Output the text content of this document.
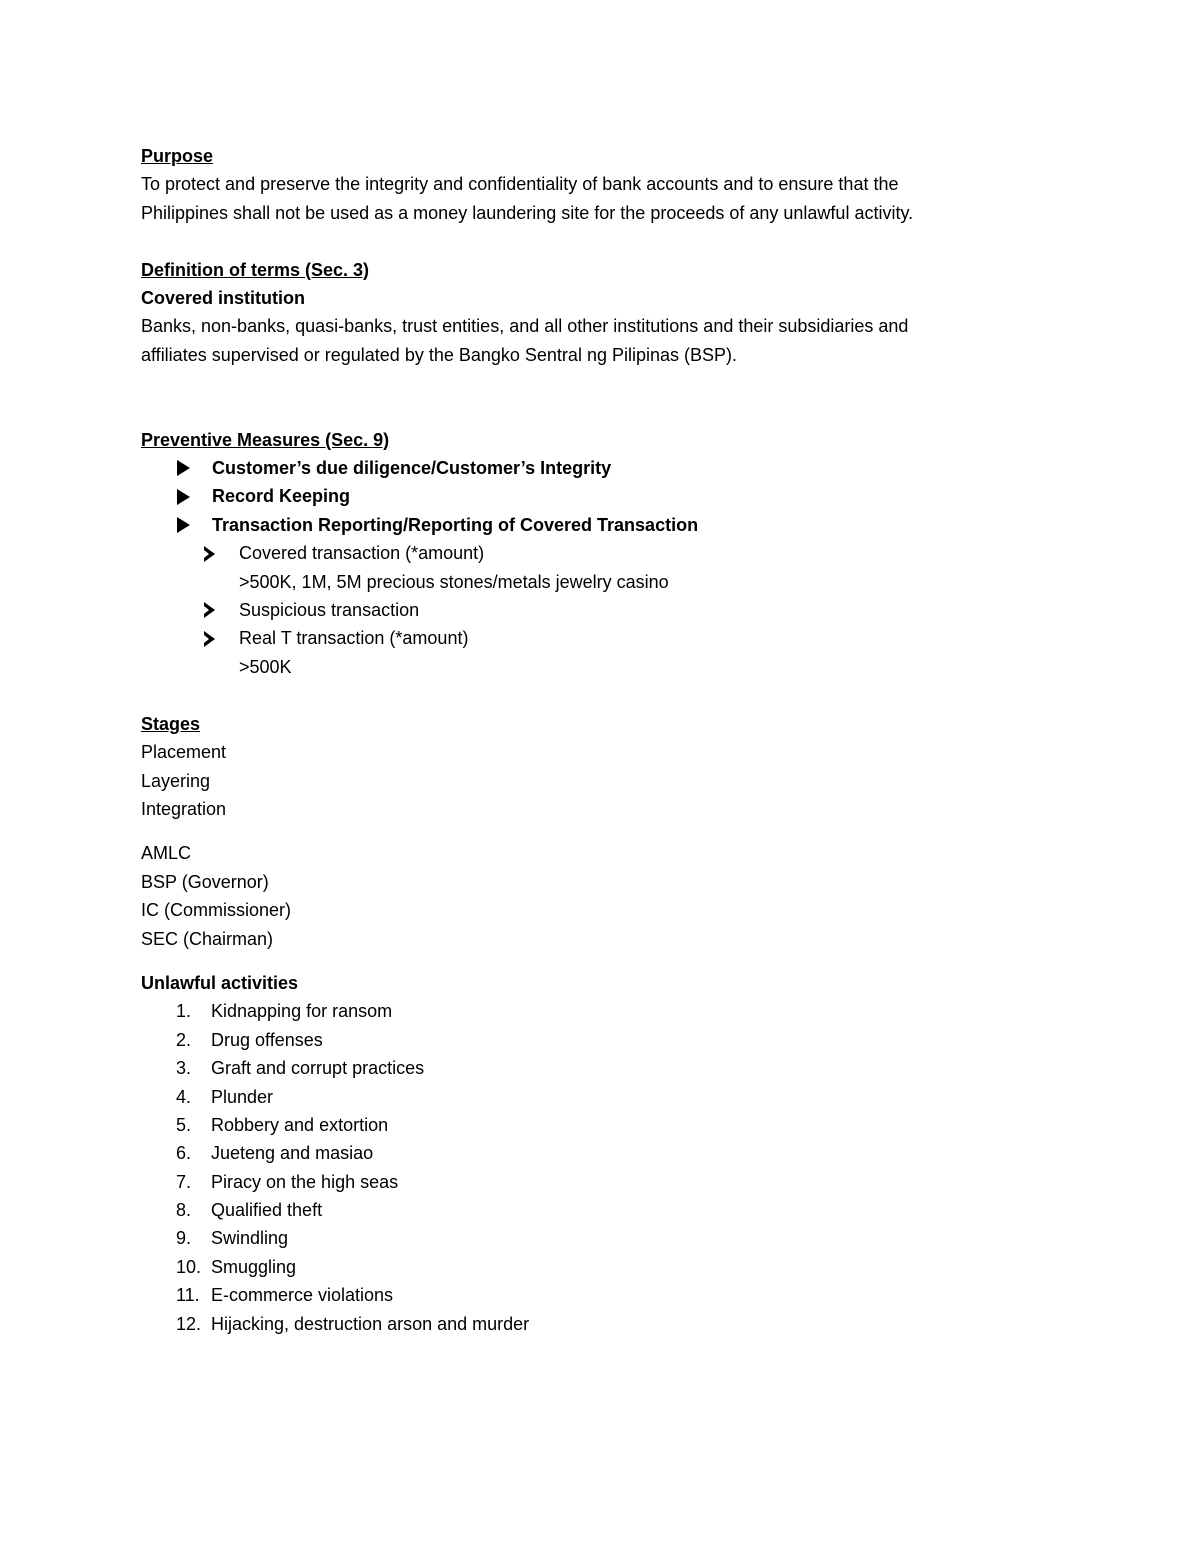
Purpose
To protect and preserve the integrity and confidentiality of bank accounts and to ensure that the
Philippines shall not be used as a money laundering site for the proceeds of any unlawful activity.
Definition of terms (Sec. 3)
Covered institution
Banks, non-banks, quasi-banks, trust entities, and all other institutions and their subsidiaries and
affiliates supervised or regulated by the Bangko Sentral ng Pilipinas (BSP).
Preventive Measures (Sec. 9)
Customer’s due diligence/Customer’s Integrity
Record Keeping
Transaction Reporting/Reporting of Covered Transaction
Covered transaction (*amount)
>500K, 1M, 5M precious stones/metals jewelry casino
Suspicious transaction
Real T transaction (*amount)
>500K
Stages
Placement
Layering
Integration
AMLC
BSP (Governor)
IC (Commissioner)
SEC (Chairman)
Unlawful activities
1.	Kidnapping for ransom
2.	Drug offenses
3.	Graft and corrupt practices
4.	Plunder
5.	Robbery and extortion
6.	Jueteng and masiao
7.	Piracy on the high seas
8.	Qualified theft
9.	Swindling
10. Smuggling
11. E-commerce violations
12. Hijacking, destruction arson and murder
